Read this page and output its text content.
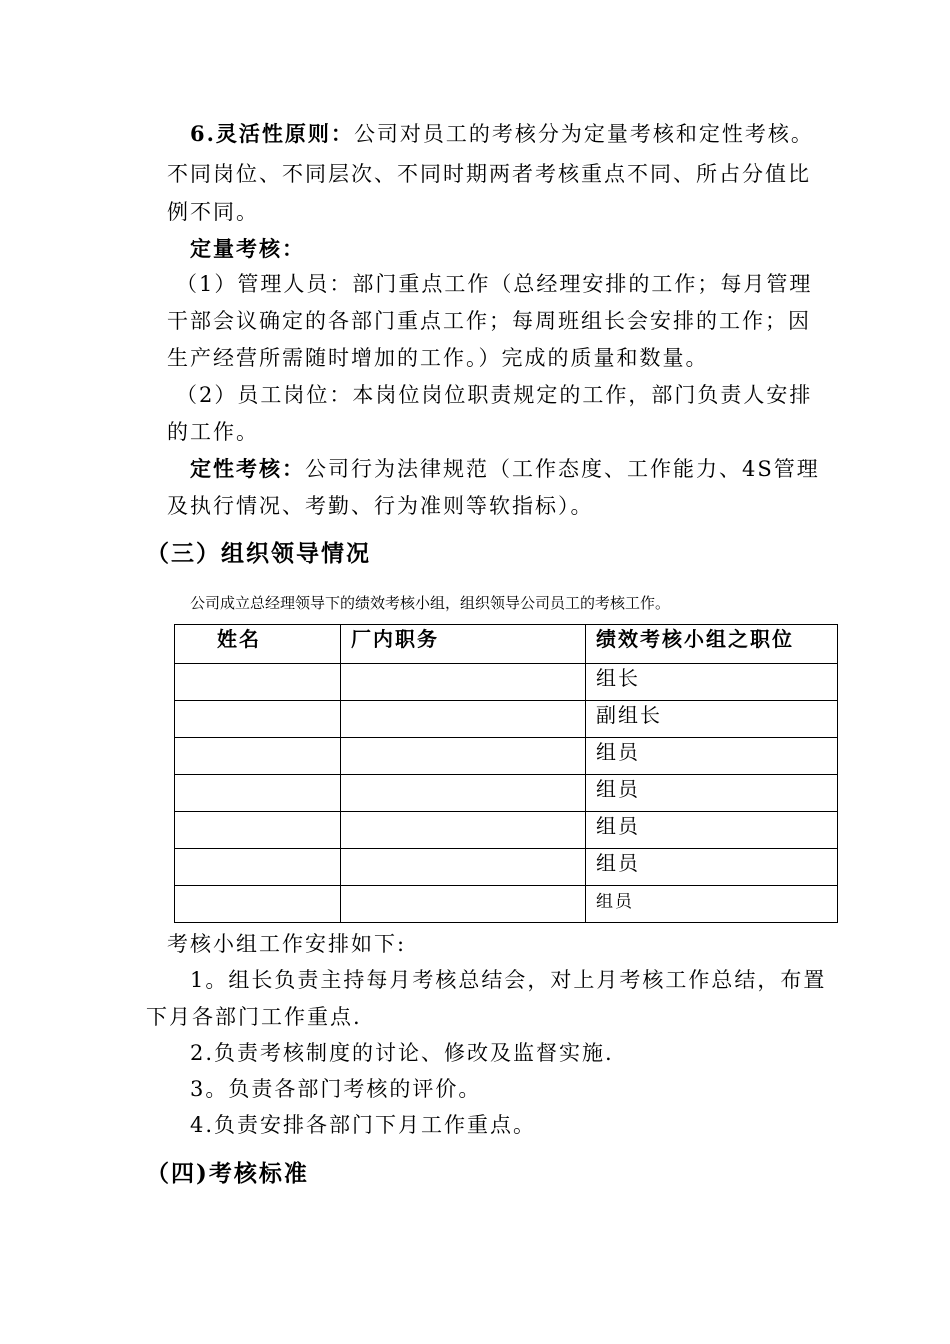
6.灵活性原则：公司对员工的考核分为定量考核和定性考核。
不同岗位、不同层次、不同时期两者考核重点不同、所占分值比
例不同。
定量考核：
（1）管理人员：部门重点工作（总经理安排的工作；每月管理
干部会议确定的各部门重点工作；每周班组长会安排的工作；因
生产经营所需随时增加的工作。）完成的质量和数量。
（2）员工岗位：本岗位岗位职责规定的工作，部门负责人安排
的工作。
定性考核：公司行为法律规范（工作态度、工作能力、4S管理
及执行情况、考勤、行为准则等软指标）。
（三）组织领导情况
公司成立总经理领导下的绩效考核小组，组织领导公司员工的考核工作。
姓名	厂内职务	绩效考核小组之职位
		组长
		副组长
		组员
		组员
		组员
		组员
		组员
考核小组工作安排如下:
1。组长负责主持每月考核总结会，对上月考核工作总结，布置
下月各部门工作重点.
2.负责考核制度的讨论、修改及监督实施.
3。负责各部门考核的评价。
4.负责安排各部门下月工作重点。
（四)考核标准
